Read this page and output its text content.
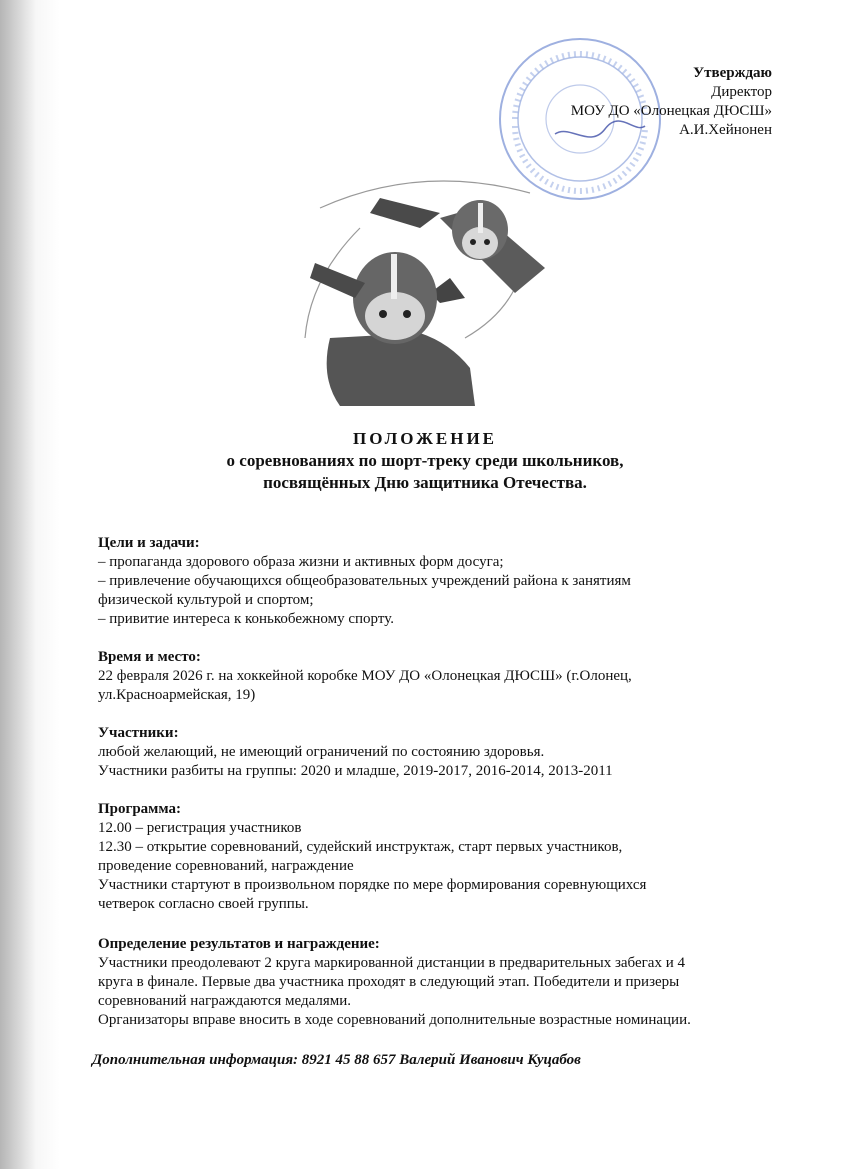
Утверждаю
Директор
МОУ ДО «Олонецкая ДЮСШ»
А.И.Хейнонен
ПОЛОЖЕНИЕ
о соревнованиях по шорт-треку среди школьников,
посвящённых Дню защитника Отечества.
Цели и задачи:
– пропаганда здорового образа жизни и активных форм досуга;
– привлечение обучающихся общеобразовательных учреждений района к занятиям
физической культурой и спортом;
– привитие интереса к конькобежному спорту.
Время и место:
22 февраля 2026 г. на хоккейной коробке МОУ ДО «Олонецкая ДЮСШ» (г.Олонец,
ул.Красноармейская, 19)
Участники:
любой желающий, не имеющий ограничений по состоянию здоровья.
Участники разбиты на группы: 2020 и младше, 2019-2017, 2016-2014, 2013-2011
Программа:
12.00 – регистрация участников
12.30 – открытие соревнований, судейский инструктаж, старт первых участников,
проведение соревнований, награждение
Участники стартуют в произвольном порядке по мере формирования соревнующихся
четверок согласно своей группы.
Определение результатов и награждение:
Участники преодолевают 2 круга маркированной дистанции в предварительных забегах и 4
круга в финале. Первые два участника проходят в следующий этап. Победители и призеры
соревнований награждаются медалями.
Организаторы вправе вносить в ходе соревнований дополнительные возрастные номинации.
Дополнительная информация: 8921 45 88 657 Валерий Иванович Куцабов
